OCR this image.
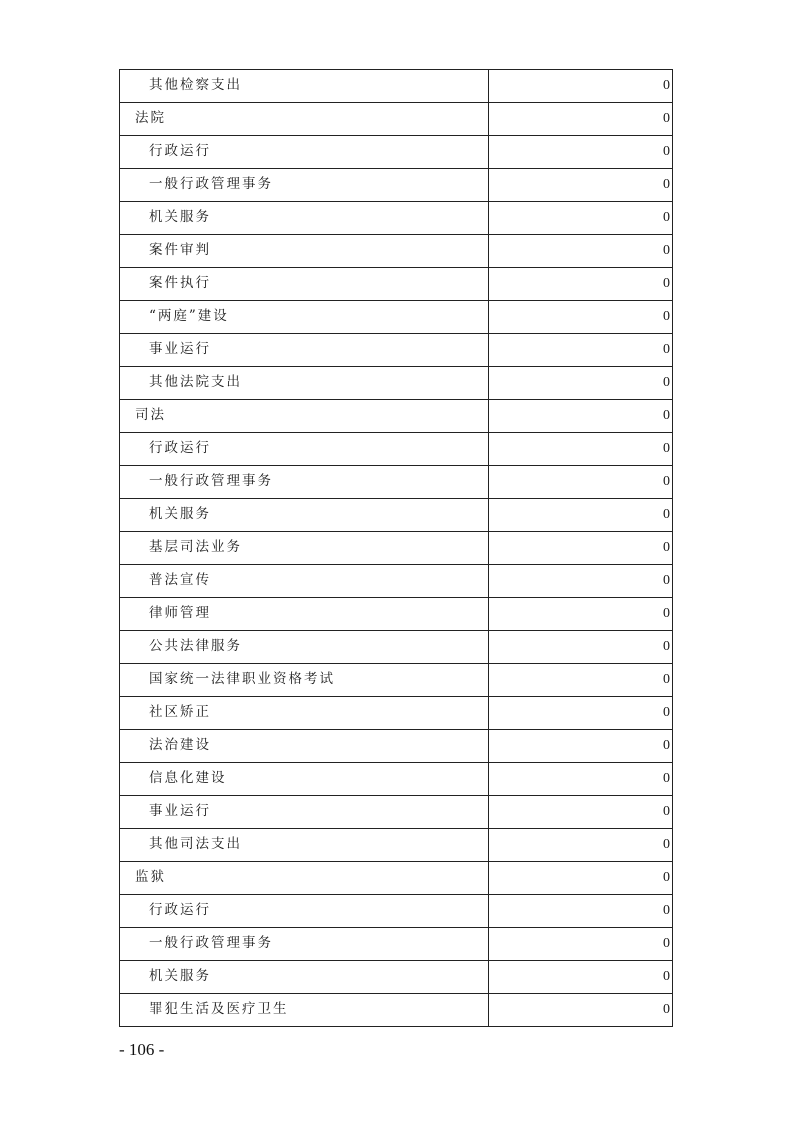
其他检察支出	0
法院	0
行政运行	0
一般行政管理事务	0
机关服务	0
案件审判	0
案件执行	0
“两庭”建设	0
事业运行	0
其他法院支出	0
司法	0
行政运行	0
一般行政管理事务	0
机关服务	0
基层司法业务	0
普法宣传	0
律师管理	0
公共法律服务	0
国家统一法律职业资格考试	0
社区矫正	0
法治建设	0
信息化建设	0
事业运行	0
其他司法支出	0
监狱	0
行政运行	0
一般行政管理事务	0
机关服务	0
罪犯生活及医疗卫生	0
- 106 -
